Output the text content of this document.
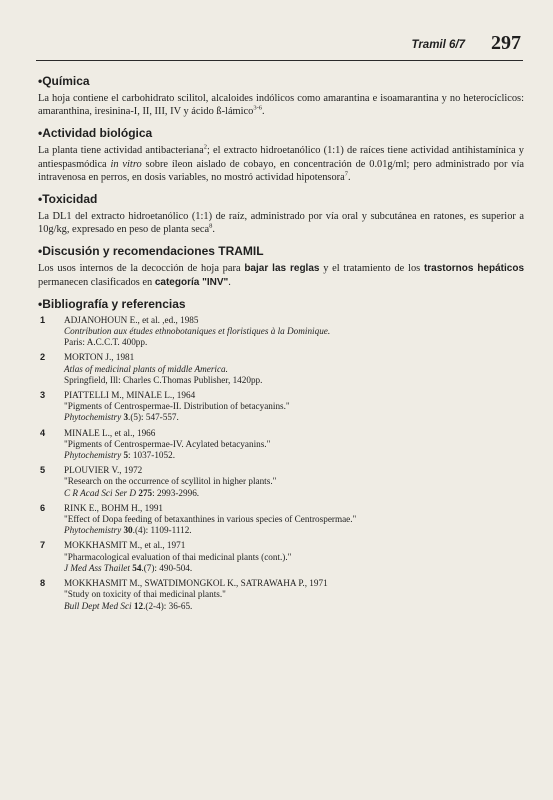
Tramil 6/7 297

•Química

La hoja contiene el carbohidrato scilitol, alcaloides indólicos como amarantina e isoamarantina y no heterocíclicos: amaranthina, iresinina-I, II, III, IV y ácido ß-lámico$^{3-6}$.

•Actividad biológica

La planta tiene actividad antibacteriana$^2$; el extracto hidroetanólico (1:1) de raíces tiene actividad antihistamínica y antiespasmódica in vitro sobre íleon aislado de cobayo, en concentración de 0.01g/ml; pero administrado por vía intravenosa en perros, en dosis variables, no mostró actividad hipotensora$^7$.

•Toxicidad

La DL1 del extracto hidroetanólico (1:1) de raíz, administrado por vía oral y subcutánea en ratones, es superior a 10g/kg, expresado en peso de planta seca$^8$.

•Discusión y recomendaciones TRAMIL

Los usos internos de la decocción de hoja para bajar las reglas y el tratamiento de los trastornos hepáticos permanecen clasificados en categoría "INV".

•Bibliografía y referencias

1 ADJANOHOUN E., et al. ,ed., 1985
Contribution aux études ethnobotaniques et floristiques à la Dominique.
Paris: A.C.C.T. 400pp.
2 MORTON J., 1981
Atlas of medicinal plants of middle America.
Springfield, Ill: Charles C.Thomas Publisher, 1420pp.
3 PIATTELLI M., MINALE L., 1964
"Pigments of Centrospermae-II. Distribution of betacyanins."
Phytochemistry 3.(5): 547-557.
4 MINALE L., et al., 1966
"Pigments of Centrospermae-IV. Acylated betacyanins."
Phytochemistry 5: 1037-1052.
5 PLOUVIER V., 1972
"Research on the occurrence of scyllitol in higher plants."
C R Acad Sci Ser D 275: 2993-2996.
6 RINK E., BOHM H., 1991
"Effect of Dopa feeding of betaxanthines in various species of Centrospermae."
Phytochemistry 30.(4): 1109-1112.
7 MOKKHASMIT M., et al., 1971
"Pharmacological evaluation of thai medicinal plants (cont.)."
J Med Ass Thailet 54.(7): 490-504.
8 MOKKHASMIT M., SWATDIMONGKOL K., SATRAWAHA P., 1971
"Study on toxicity of thai medicinal plants."
Bull Dept Med Sci 12.(2-4): 36-65.
